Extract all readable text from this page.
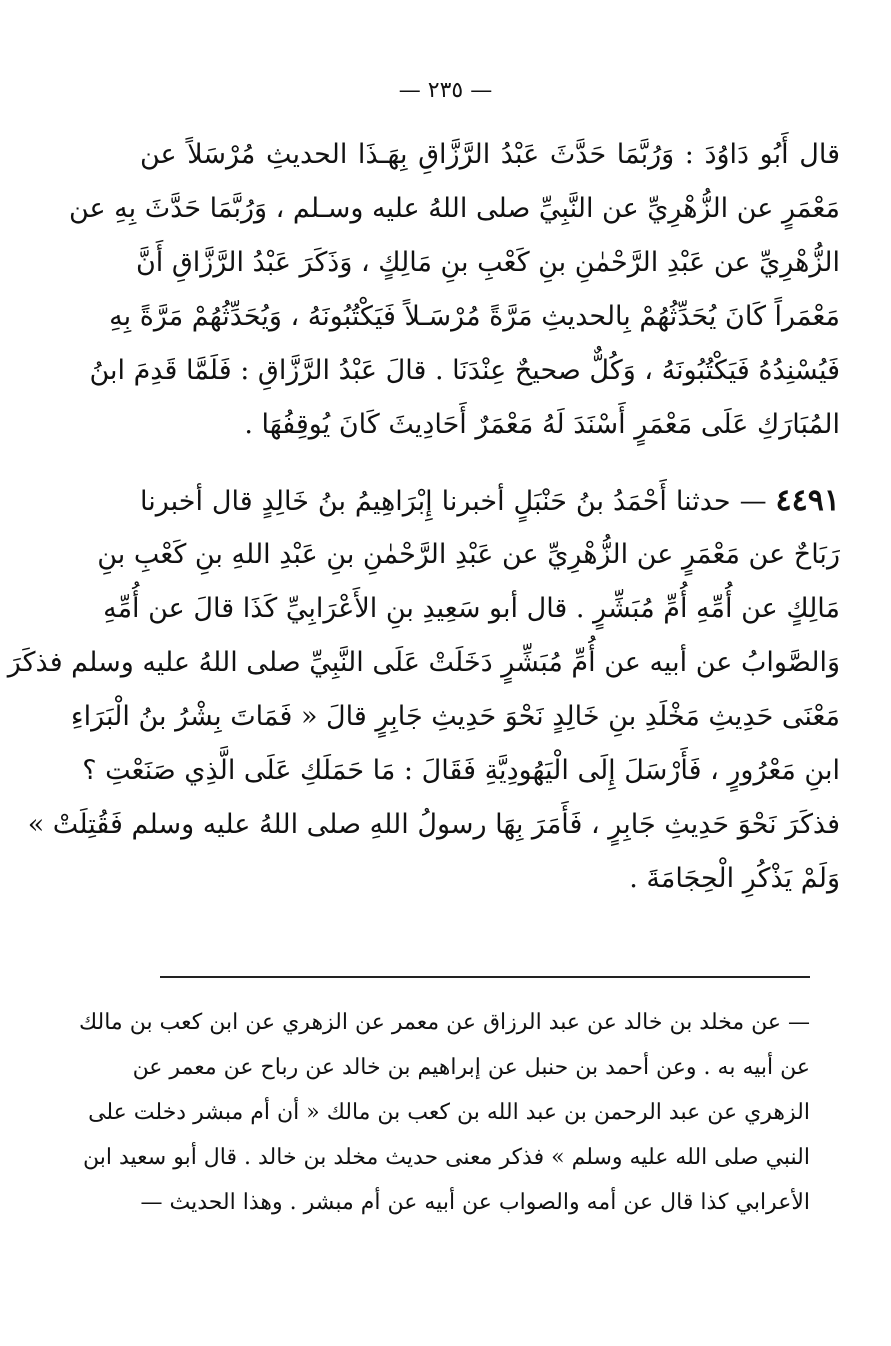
— ٢٣٥ —
قال أَبُو دَاوُدَ : وَرُبَّمَا حَدَّثَ عَبْدُ الرَّزَّاقِ بِهَـذَا الحديثِ مُرْسَلاً عن
مَعْمَرٍ عن الزُّهْرِيِّ عن النَّبِيِّ صلى اللهُ عليه وسـلم ، وَرُبَّمَا حَدَّثَ بِهِ عن
الزُّهْرِيِّ عن عَبْدِ الرَّحْمٰنِ بنِ كَعْبِ بنِ مَالِكٍ ، وَذَكَرَ عَبْدُ الرَّزَّاقِ أَنَّ
مَعْمَراً كَانَ يُحَدِّثُهُمْ بِالحديثِ مَرَّةً مُرْسَـلاً فَيَكْتُبُونَهُ ، وَيُحَدِّثُهُمْ مَرَّةً بِهِ
فَيُسْنِدُهُ فَيَكْتُبُونَهُ ، وَكُلٌّ صحيحٌ عِنْدَنَا . قالَ عَبْدُ الرَّزَّاقِ : فَلَمَّا قَدِمَ ابنُ
المُبَارَكِ عَلَى مَعْمَرٍ أَسْنَدَ لَهُ مَعْمَرٌ أَحَادِيثَ كَانَ يُوقِفُهَا .
٤٤٩١ — حدثنا أَحْمَدُ بنُ حَنْبَلٍ أخبرنا إِبْرَاهِيمُ بنُ خَالِدٍ قال أخبرنا
رَبَاحٌ عن مَعْمَرٍ عن الزُّهْرِيِّ عن عَبْدِ الرَّحْمٰنِ بنِ عَبْدِ اللهِ بنِ كَعْبِ بنِ
مَالِكٍ عن أُمِّهِ أُمِّ مُبَشِّرٍ . قال أبو سَعِيدِ بنِ الأَعْرَابِيِّ كَذَا قالَ عن أُمِّهِ
وَالصَّوابُ عن أبيه عن أُمِّ مُبَشِّرٍ دَخَلَتْ عَلَى النَّبِيِّ صلى اللهُ عليه وسلم فذكَرَ
مَعْنَى حَدِيثِ مَخْلَدِ بنِ خَالِدٍ نَحْوَ حَدِيثِ جَابِرٍ قالَ « فَمَاتَ بِشْرُ بنُ الْبَرَاءِ
ابنِ مَعْرُورٍ ، فَأَرْسَلَ إِلَى الْيَهُودِيَّةِ فَقَالَ : مَا حَمَلَكِ عَلَى الَّذِي صَنَعْتِ ؟
فذكَرَ نَحْوَ حَدِيثِ جَابِرٍ ، فَأَمَرَ بِهَا رسولُ اللهِ صلى اللهُ عليه وسلم فَقُتِلَتْ »
وَلَمْ يَذْكُرِ الْحِجَامَةَ .
— عن مخلد بن خالد عن عبد الرزاق عن معمر عن الزهري عن ابن كعب بن مالك
عن أبيه به . وعن أحمد بن حنبل عن إبراهيم بن خالد عن رباح عن معمر عن
الزهري عن عبد الرحمن بن عبد الله بن كعب بن مالك « أن أم مبشر دخلت على
النبي صلى الله عليه وسلم » فذكر معنى حديث مخلد بن خالد . قال أبو سعيد ابن
الأعرابي كذا قال عن أمه والصواب عن أبيه عن أم مبشر . وهذا الحديث —
